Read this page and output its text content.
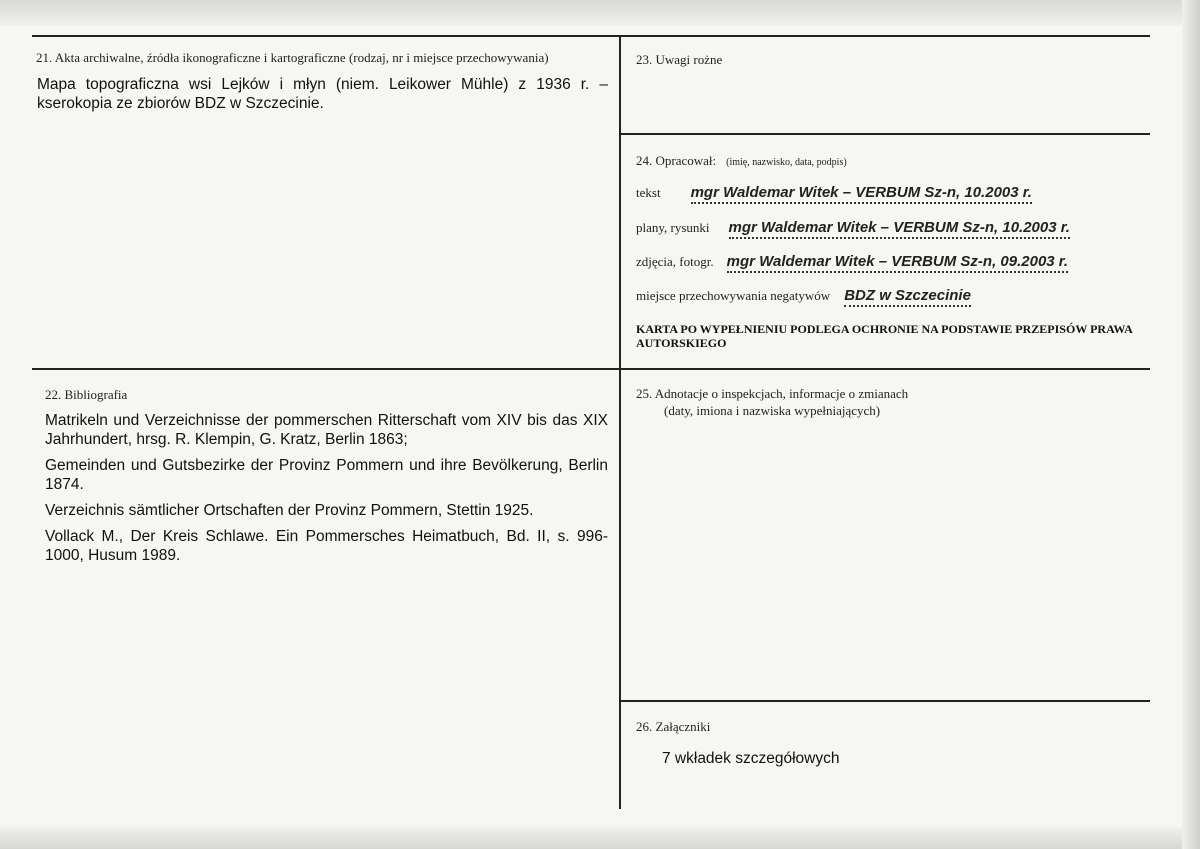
21. Akta archiwalne, źródła ikonograficzne i kartograficzne (rodzaj, nr i miejsce przechowywania)
Mapa topograficzna wsi Lejków i młyn (niem. Leikower Mühle) z 1936 r. – kserokopia ze zbiorów BDZ w Szczecinie.
23. Uwagi rożne
24. Opracował: (imię, nazwisko, data, podpis)
tekst mgr Waldemar Witek – VERBUM Sz-n, 10.2003 r.
plany, rysunki mgr Waldemar Witek – VERBUM Sz-n, 10.2003 r.
zdjęcia, fotogr. mgr Waldemar Witek – VERBUM Sz-n, 09.2003 r.
miejsce przechowywania negatywów BDZ w Szczecinie
KARTA PO WYPEŁNIENIU PODLEGA OCHRONIE NA PODSTAWIE PRZEPISÓW PRAWA AUTORSKIEGO
22. Bibliografia
Matrikeln und Verzeichnisse der pommerschen Ritterschaft vom XIV bis das XIX Jahrhundert, hrsg. R. Klempin, G. Kratz, Berlin 1863;
Gemeinden und Gutsbezirke der Provinz Pommern und ihre Bevölkerung, Berlin 1874.
Verzeichnis sämtlicher Ortschaften der Provinz Pommern, Stettin 1925.
Vollack M., Der Kreis Schlawe. Ein Pommersches Heimatbuch, Bd. II, s. 996-1000, Husum 1989.
25. Adnotacje o inspekcjach, informacje o zmianach
(daty, imiona i nazwiska wypełniających)
26. Załączniki
7 wkładek szczegółowych
